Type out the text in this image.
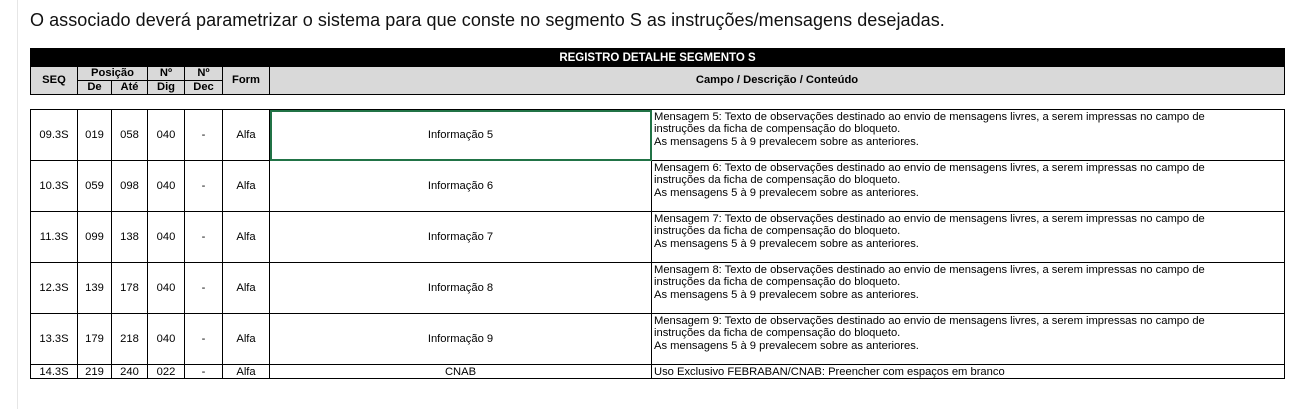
O associado deverá parametrizar o sistema para que conste no segmento S as instruções/mensagens desejadas.
REGISTRO DETALHE SEGMENTO S							
SEQ	Posição		Nº	Nº	Form	Campo / Descrição / Conteúdo	
	De	Até	Dig	Dec			

09.3S	019	058	040	-	Alfa	Informação 5	Mensagem 5: Texto de observações destinado ao envio de mensagens livres, a serem impressas no campo de
instruções da ficha de compensação do bloqueto.
As mensagens 5 à 9 prevalecem sobre as anteriores.

10.3S	059	098	040	-	Alfa	Informação 6	Mensagem 6: Texto de observações destinado ao envio de mensagens livres, a serem impressas no campo de
instruções da ficha de compensação do bloqueto.
As mensagens 5 à 9 prevalecem sobre as anteriores.

11.3S	099	138	040	-	Alfa	Informação 7	Mensagem 7: Texto de observações destinado ao envio de mensagens livres, a serem impressas no campo de
instruções da ficha de compensação do bloqueto.
As mensagens 5 à 9 prevalecem sobre as anteriores.

12.3S	139	178	040	-	Alfa	Informação 8	Mensagem 8: Texto de observações destinado ao envio de mensagens livres, a serem impressas no campo de
instruções da ficha de compensação do bloqueto.
As mensagens 5 à 9 prevalecem sobre as anteriores.

13.3S	179	218	040	-	Alfa	Informação 9	Mensagem 9: Texto de observações destinado ao envio de mensagens livres, a serem impressas no campo de
instruções da ficha de compensação do bloqueto.
As mensagens 5 à 9 prevalecem sobre as anteriores.

14.3S	219	240	022	-	Alfa	CNAB	Uso Exclusivo FEBRABAN/CNAB: Preencher com espaços em branco
